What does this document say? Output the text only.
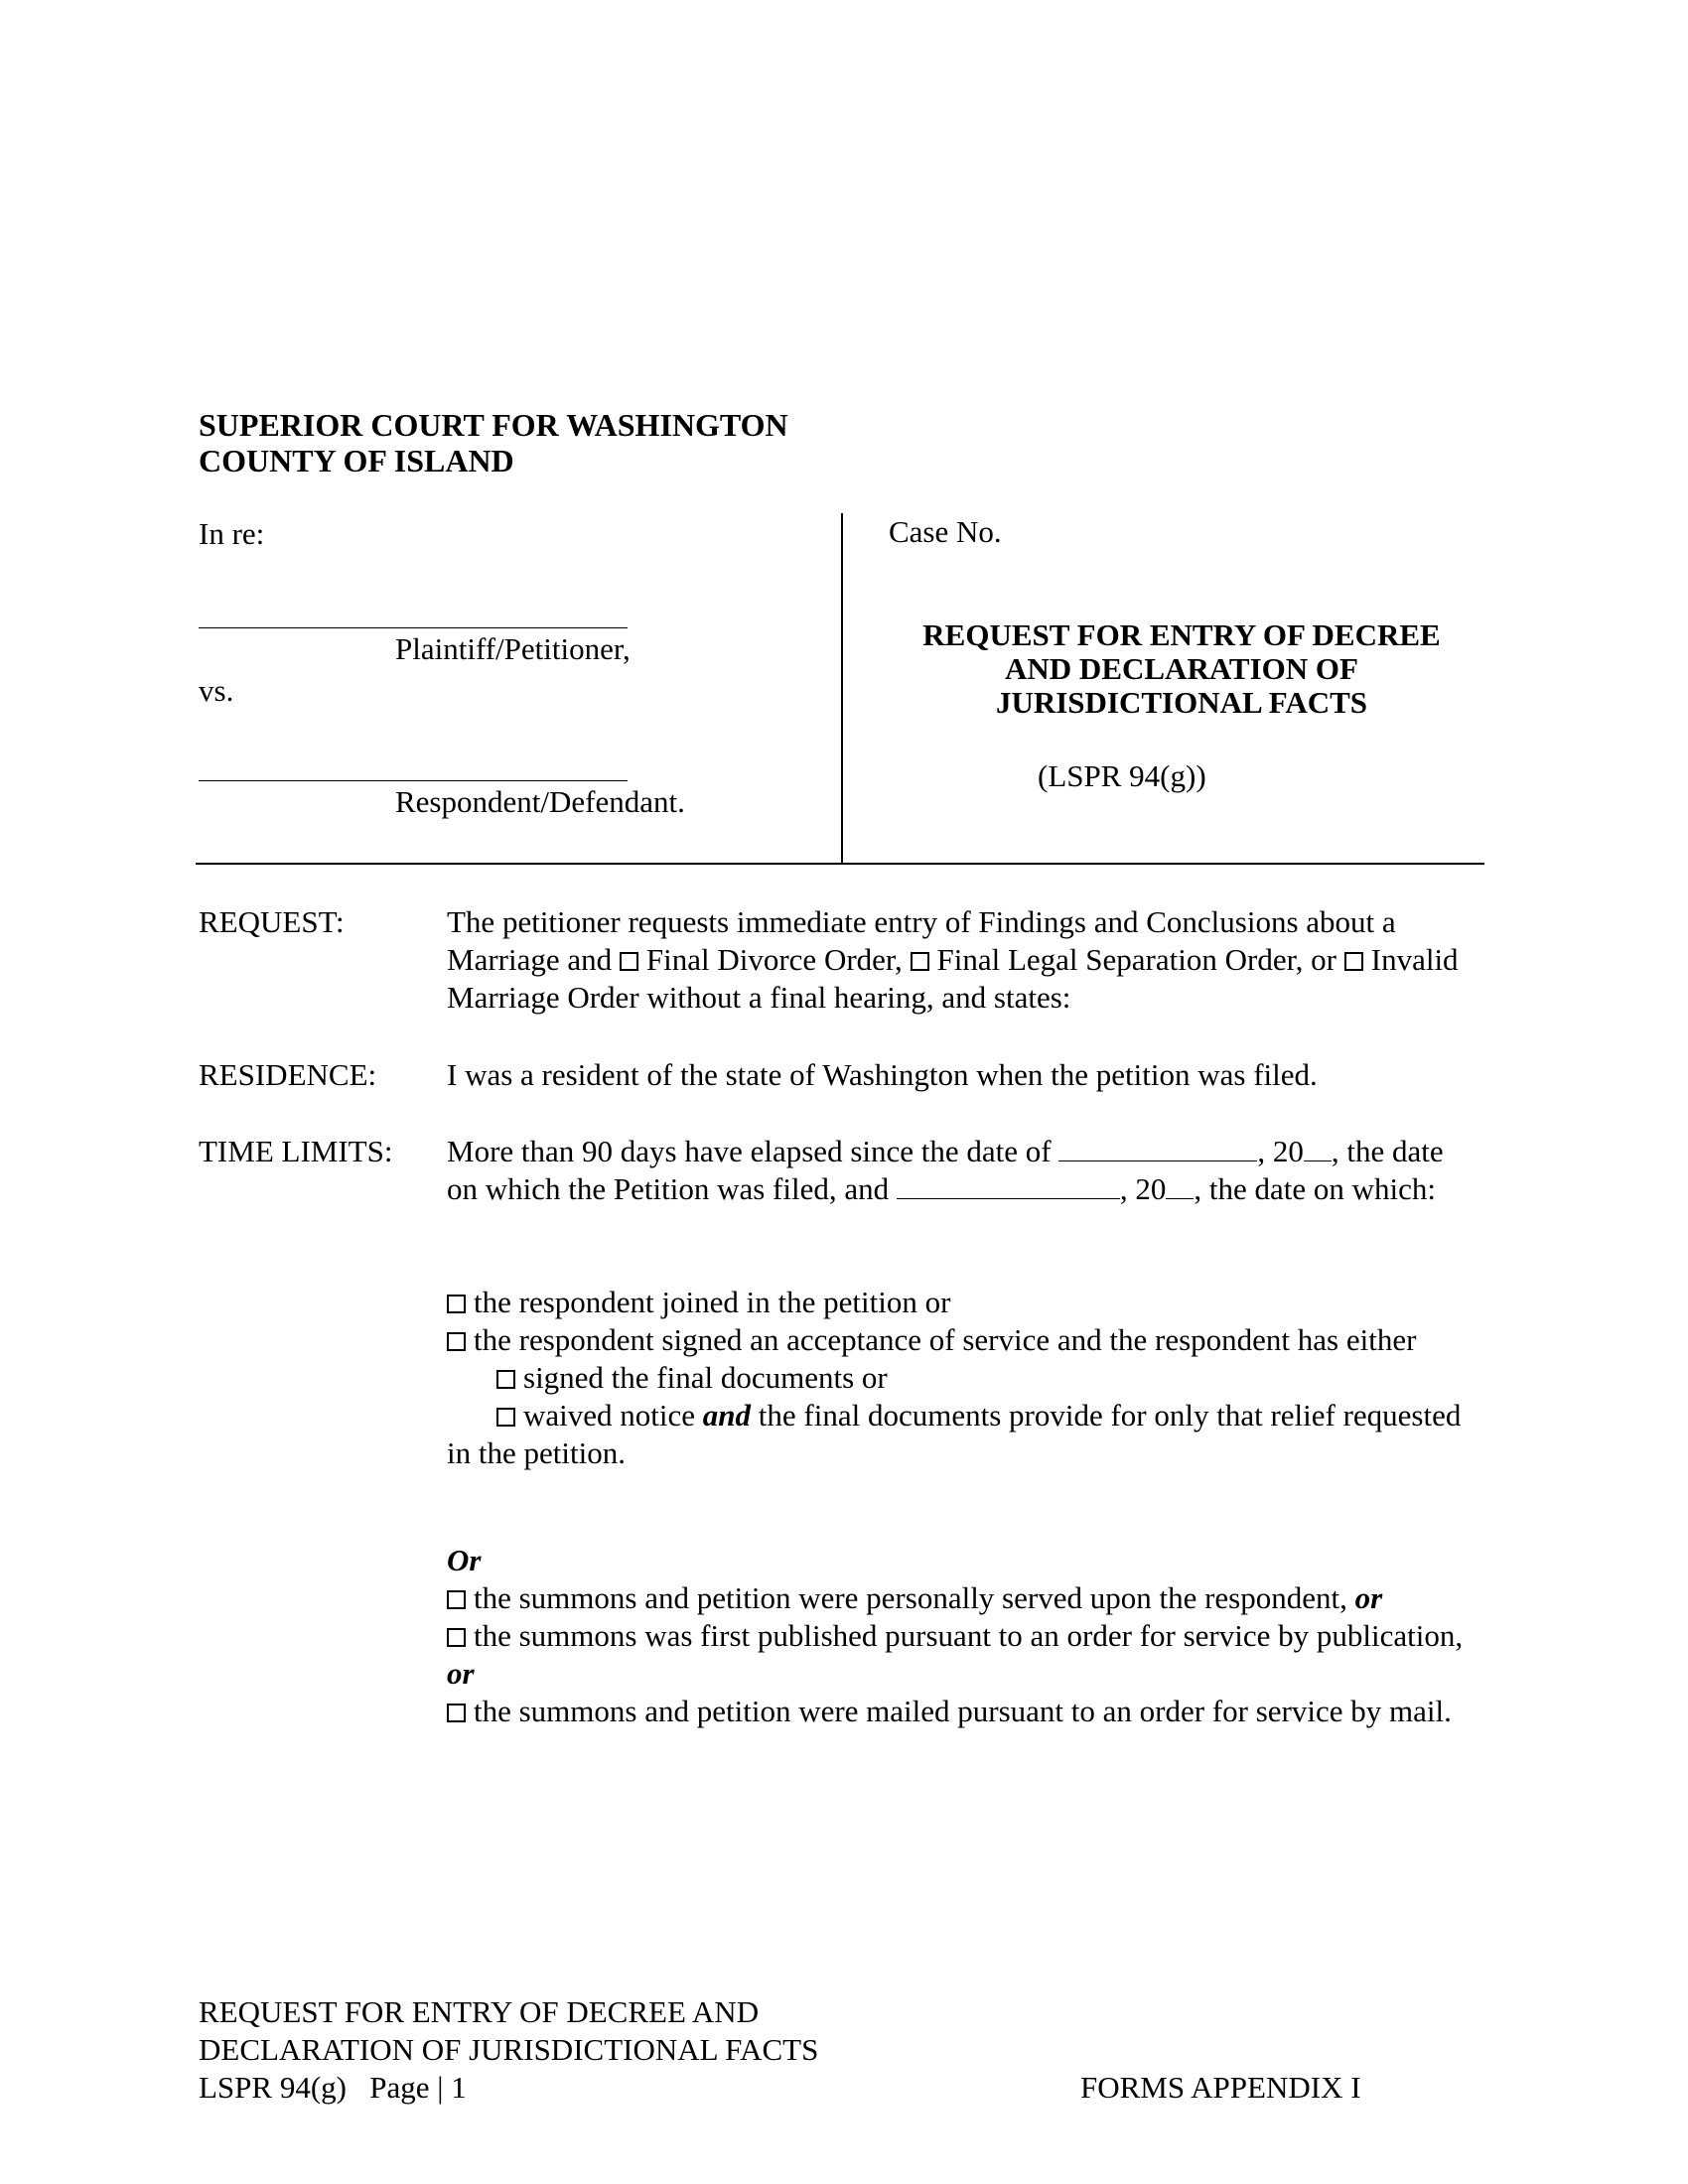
SUPERIOR COURT FOR WASHINGTON
COUNTY OF ISLAND
In re:
Plaintiff/Petitioner,
vs.
Respondent/Defendant.
Case No.
REQUEST FOR ENTRY OF DECREE
AND DECLARATION OF
JURISDICTIONAL FACTS
(LSPR 94(g))
REQUEST:	The petitioner requests immediate entry of Findings and Conclusions about a Marriage and Final Divorce Order, Final Legal Separation Order, or Invalid Marriage Order without a final hearing, and states:
RESIDENCE: I was a resident of the state of Washington when the petition was filed.
TIME LIMITS: More than 90 days have elapsed since the date of	, 20 , the date on which the Petition was filed, and	, 20 , the date on which:
the respondent joined in the petition or
the respondent signed an acceptance of service and the respondent has either
signed the final documents or
waived notice and the final documents provide for only that relief requested in the petition.
Or
the summons and petition were personally served upon the respondent, or
the summons was first published pursuant to an order for service by publication, or
the summons and petition were mailed pursuant to an order for service by mail.
REQUEST FOR ENTRY OF DECREE AND
DECLARATION OF JURISDICTIONAL FACTS
LSPR 94(g)   Page | 1	FORMS APPENDIX I
